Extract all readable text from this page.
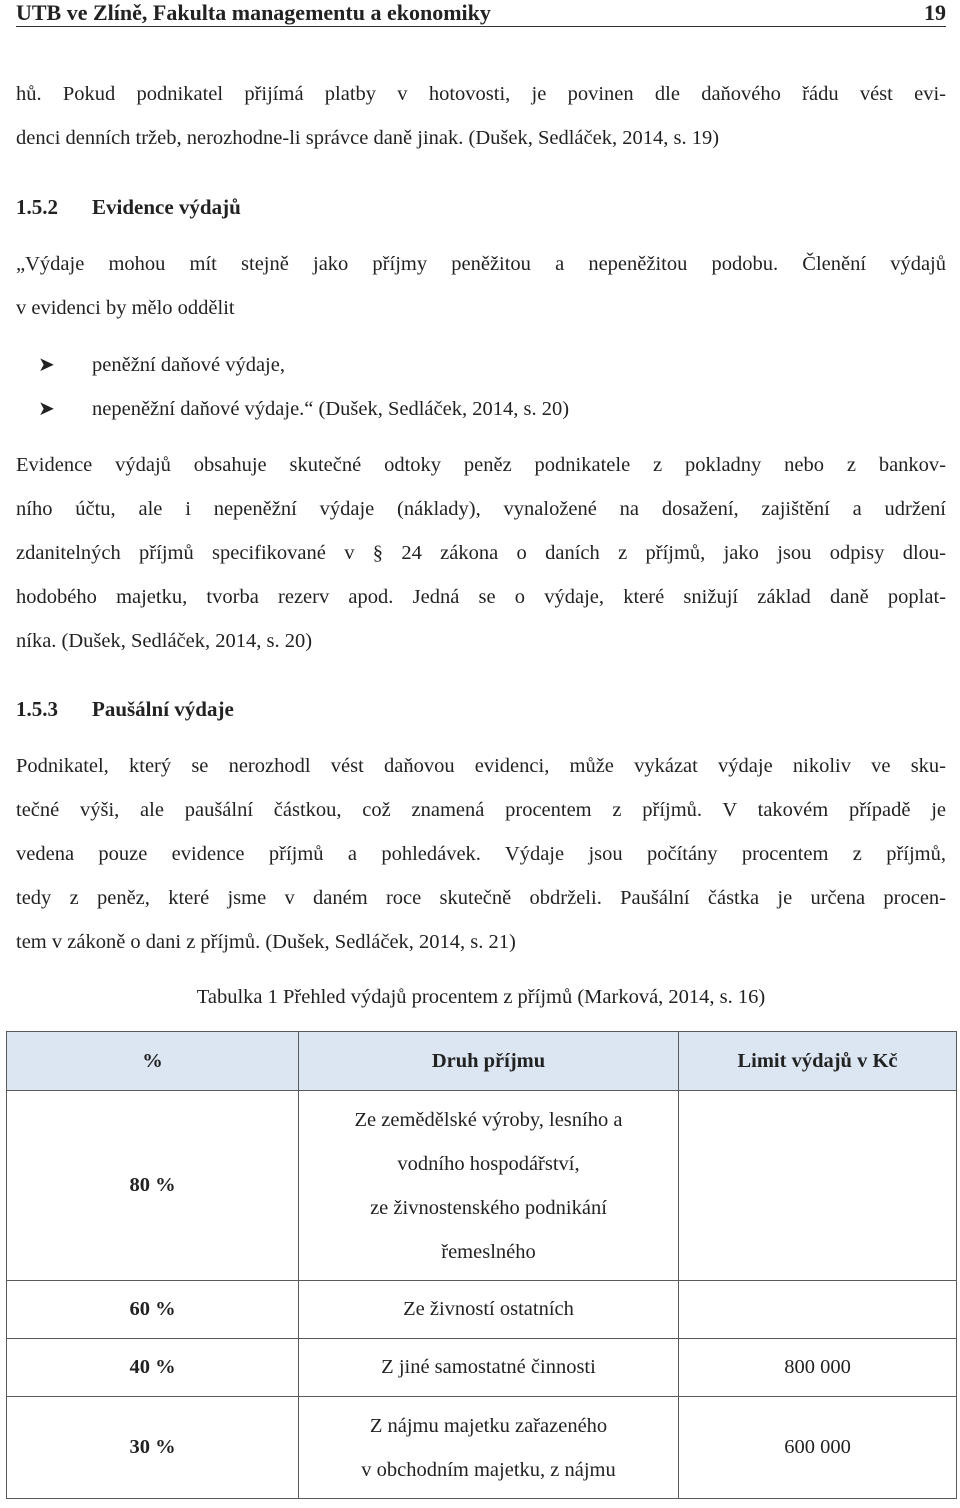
UTB ve Zlíně, Fakulta managementu a ekonomiky	19
hů. Pokud podnikatel přijímá platby v hotovosti, je povinen dle daňového řádu vést evi-
denci denních tržeb, nerozhodne-li správce daně jinak. (Dušek, Sedláček, 2014, s. 19)
1.5.2 Evidence výdajů
„Výdaje mohou mít stejně jako příjmy peněžitou a nepeněžitou podobu. Členění výdajů
v evidenci by mělo oddělit
➤ peněžní daňové výdaje,
➤ nepeněžní daňové výdaje.“ (Dušek, Sedláček, 2014, s. 20)
Evidence výdajů obsahuje skutečné odtoky peněz podnikatele z pokladny nebo z bankov-
ního účtu, ale i nepeněžní výdaje (náklady), vynaložené na dosažení, zajištění a udržení
zdanitelných příjmů specifikované v § 24 zákona o daních z příjmů, jako jsou odpisy dlou-
hodobého majetku, tvorba rezerv apod. Jedná se o výdaje, které snižují základ daně poplat-
níka. (Dušek, Sedláček, 2014, s. 20)
1.5.3 Paušální výdaje
Podnikatel, který se nerozhodl vést daňovou evidenci, může vykázat výdaje nikoliv ve sku-
tečné výši, ale paušální částkou, což znamená procentem z příjmů. V takovém případě je
vedena pouze evidence příjmů a pohledávek. Výdaje jsou počítány procentem z příjmů,
tedy z peněz, které jsme v daném roce skutečně obdrželi. Paušální částka je určena procen-
tem v zákoně o dani z příjmů. (Dušek, Sedláček, 2014, s. 21)
Tabulka 1 Přehled výdajů procentem z příjmů (Marková, 2014, s. 16)
%	Druh příjmu	Limit výdajů v Kč
80 %	Ze zemědělské výroby, lesního a
vodního hospodářství,
ze živnostenského podnikání
řemeslného	

60 %	Ze živností ostatních	
40 %	Z jiné samostatné činnosti	800 000
30 %	Z nájmu majetku zařazeného
v obchodním majetku, z nájmu	600 000
